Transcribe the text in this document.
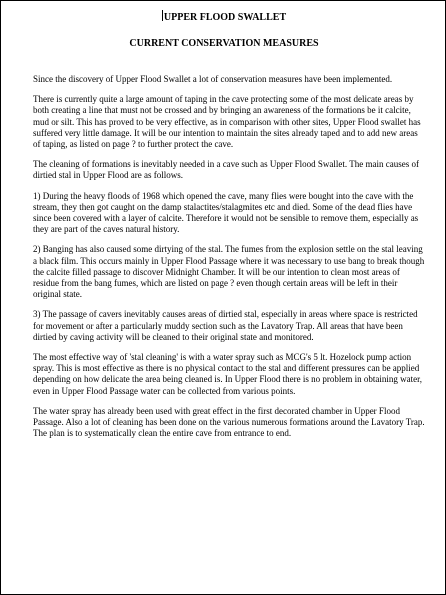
UPPER FLOOD SWALLET
CURRENT CONSERVATION MEASURES

Since the discovery of Upper Flood Swallet a lot of conservation measures have been implemented.

There is currently quite a large amount of taping in the cave protecting some of the most delicate areas by both creating a line that must not be crossed and by bringing an awareness of the formations be it calcite, mud or silt. This has proved to be very effective, as in comparison with other sites, Upper Flood swallet has suffered very little damage. It will be our intention to maintain the sites already taped and to add new areas of taping, as listed on page ? to further protect the cave.

The cleaning of formations is inevitably needed in a cave such as Upper Flood Swallet. The main causes of dirtied stal in Upper Flood are as follows.

1) During the heavy floods of 1968 which opened the cave, many flies were bought into the cave with the stream, they then got caught on the damp stalactites/stalagmites etc and died. Some of the dead flies have since been covered with a layer of calcite. Therefore it would not be sensible to remove them, especially as they are part of the caves natural history.

2) Banging has also caused some dirtying of the stal. The fumes from the explosion settle on the stal leaving a black film. This occurs mainly in Upper Flood Passage where it was necessary to use bang to break though the calcite filled passage to discover Midnight Chamber. It will be our intention to clean most areas of residue from the bang fumes, which are listed on page ? even though certain areas will be left in their original state.

3) The passage of cavers inevitably causes areas of dirtied stal, especially in areas where space is restricted for movement or after a particularly muddy section such as the Lavatory Trap. All areas that have been dirtied by caving activity will be cleaned to their original state and monitored.

The most effective way of 'stal cleaning' is with a water spray such as MCG's 5 lt. Hozelock pump action spray. This is most effective as there is no physical contact to the stal and different pressures can be applied depending on how delicate the area being cleaned is. In Upper Flood there is no problem in obtaining water, even in Upper Flood Passage water can be collected from various points.

The water spray has already been used with great effect in the first decorated chamber in Upper Flood Passage. Also a lot of cleaning has been done on the various numerous formations around the Lavatory Trap. The plan is to systematically clean the entire cave from entrance to end.
